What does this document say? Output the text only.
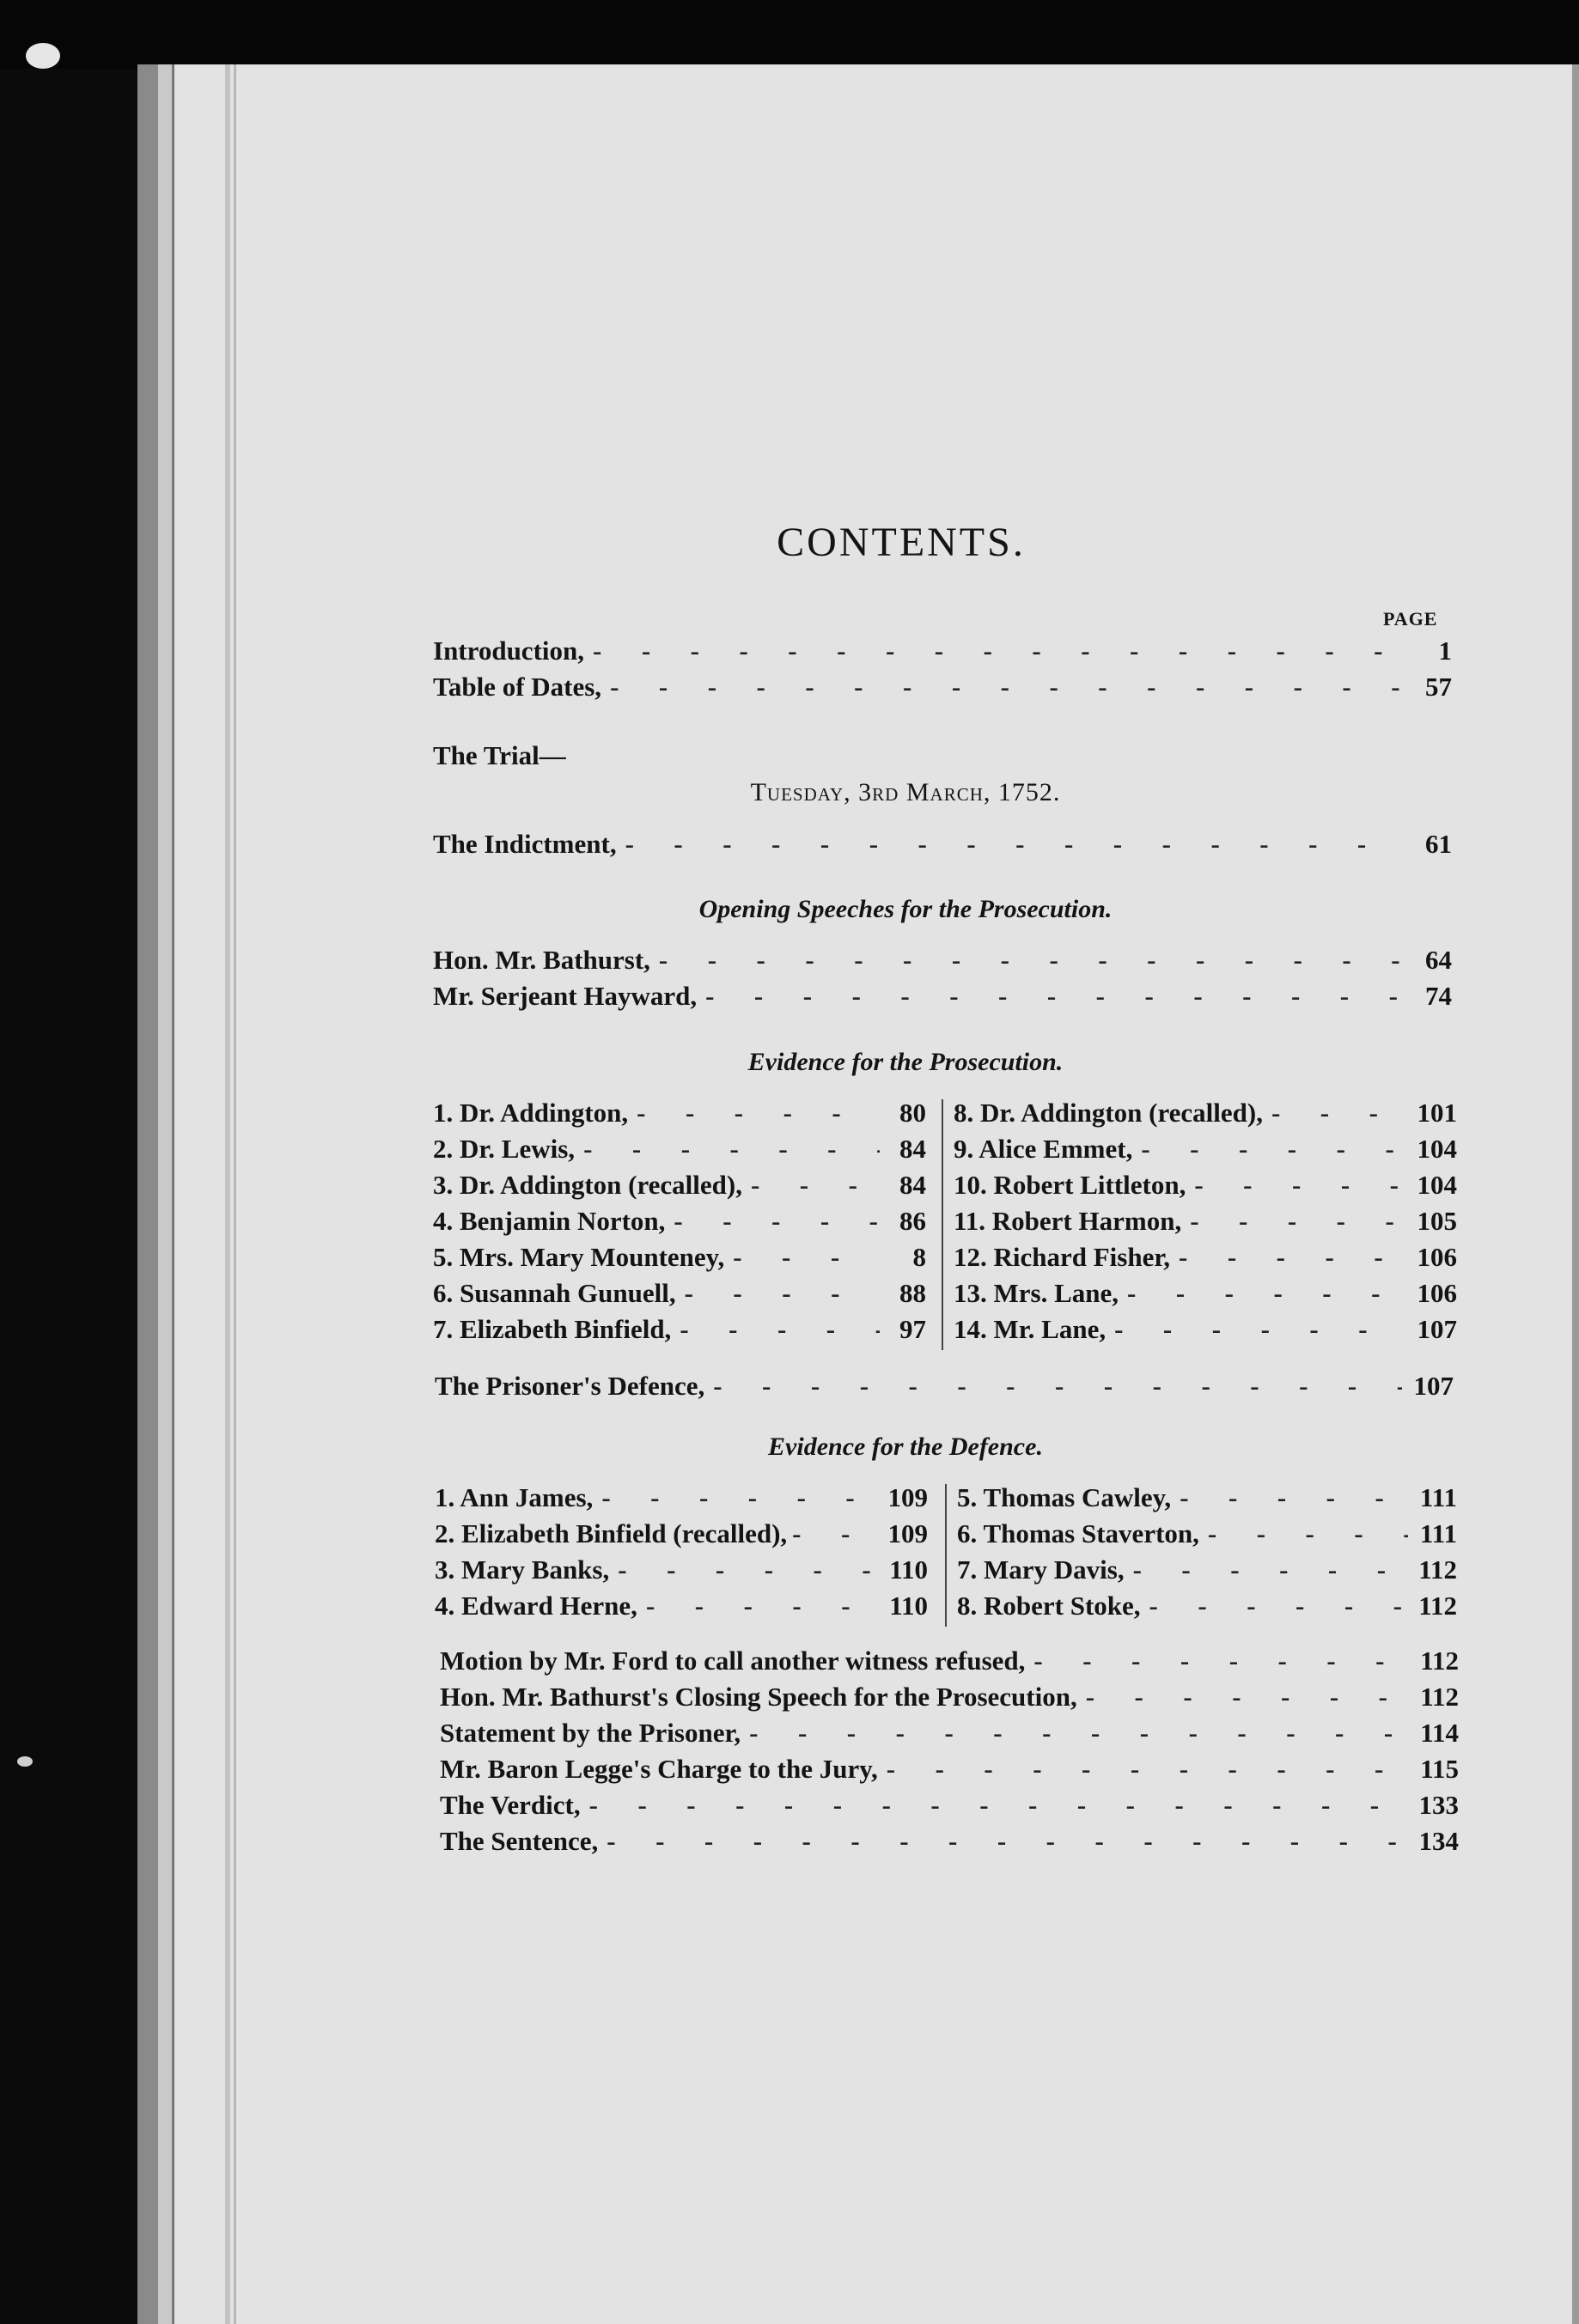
CONTENTS.
PAGE
Introduction, -	1
Table of Dates, -	57
The Trial—
Tuesday, 3rd March, 1752.
The Indictment, -	61
Opening Speeches for the Prosecution.
Hon. Mr. Bathurst, -	64
Mr. Serjeant Hayward, -	74
Evidence for the Prosecution.
1. Dr. Addington, -	80
2. Dr. Lewis, -	84
3. Dr. Addington (recalled), -	84
4. Benjamin Norton, -	86
5. Mrs. Mary Mounteney, -	8
6. Susannah Gunuell, -	88
7. Elizabeth Binfield, -	97
8. Dr. Addington (recalled), -	101
9. Alice Emmet, -	104
10. Robert Littleton, -	104
11. Robert Harmon, -	105
12. Richard Fisher, -	106
13. Mrs. Lane, -	106
14. Mr. Lane, -	107
The Prisoner's Defence, -	107
Evidence for the Defence.
1. Ann James, -	109
2. Elizabeth Binfield (recalled), -	109
3. Mary Banks, -	110
4. Edward Herne, -	110
5. Thomas Cawley, -	111
6. Thomas Staverton, -	111
7. Mary Davis, -	112
8. Robert Stoke, -	112
Motion by Mr. Ford to call another witness refused, -	112
Hon. Mr. Bathurst's Closing Speech for the Prosecution, -	112
Statement by the Prisoner, -	114
Mr. Baron Legge's Charge to the Jury, -	115
The Verdict, -	133
The Sentence, -	134
